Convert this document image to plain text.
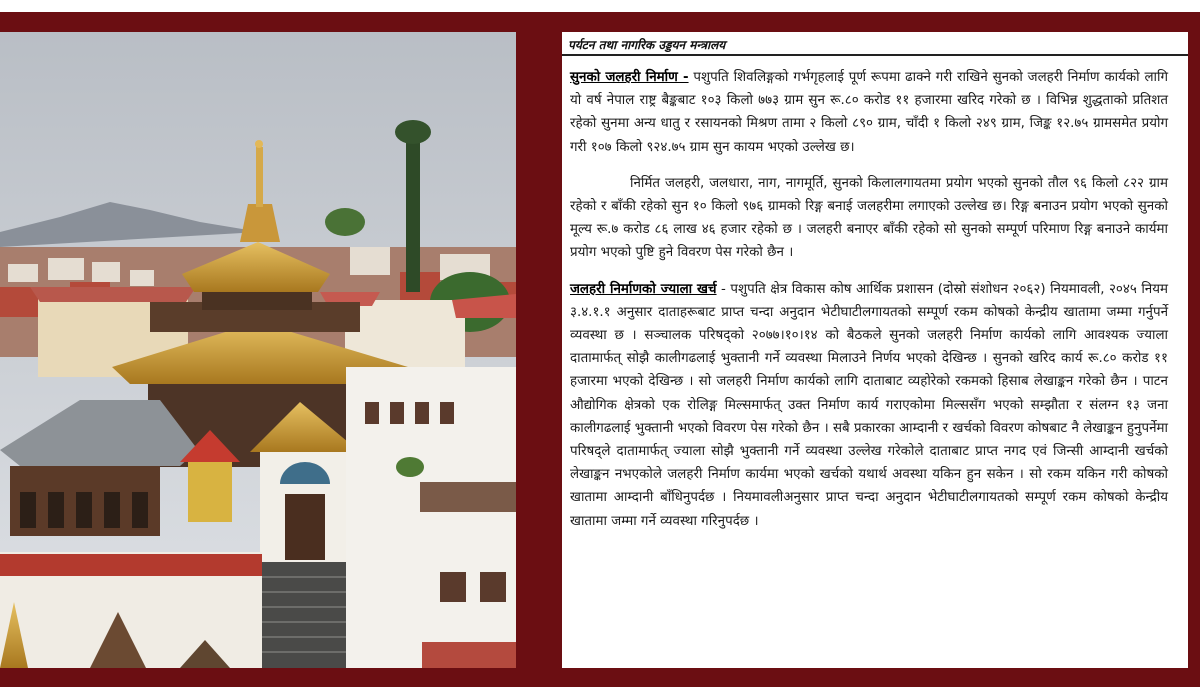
पर्यटन तथा नागरिक उड्डयन मन्त्रालय

सुनको जलहरी निर्माण - पशुपति शिवलिङ्गको गर्भगृहलाई पूर्ण रूपमा ढाक्ने गरी राखिने सुनको जलहरी निर्माण कार्यको लागि यो वर्ष नेपाल राष्ट्र बैङ्कबाट १०३ किलो ७७३ ग्राम सुन रू.८० करोड ११ हजारमा खरिद गरेको छ । विभिन्न शुद्धताको प्रतिशत रहेको सुनमा अन्य धातु र रसायनको मिश्रण तामा २ किलो ८९० ग्राम, चाँदी १ किलो २४९ ग्राम, जिङ्क १२.७५ ग्रामसमेत प्रयोग गरी १०७ किलो ९२४.७५ ग्राम सुन कायम भएको उल्लेख छ।

निर्मित जलहरी, जलधारा, नाग, नागमूर्ति, सुनको किलालगायतमा प्रयोग भएको सुनको तौल ९६ किलो ८२२ ग्राम रहेको र बाँकी रहेको सुन १० किलो ९७६ ग्रामको रिङ्ग बनाई जलहरीमा लगाएको उल्लेख छ। रिङ्ग बनाउन प्रयोग भएको सुनको मूल्य रू.७ करोड ८६ लाख ४६ हजार रहेको छ । जलहरी बनाएर बाँकी रहेको सो सुनको सम्पूर्ण परिमाण रिङ्ग बनाउने कार्यमा प्रयोग भएको पुष्टि हुने विवरण पेस गरेको छैन ।

जलहरी निर्माणको ज्याला खर्च - पशुपति क्षेत्र विकास कोष आर्थिक प्रशासन (दोस्रो संशोधन २०६२) नियमावली, २०४५ नियम ३.४.१.१ अनुसार दाताहरूबाट प्राप्त चन्दा अनुदान भेटीघाटीलगायतको सम्पूर्ण रकम कोषको केन्द्रीय खातामा जम्मा गर्नुपर्ने व्यवस्था छ । सञ्चालक परिषद्को २०७७।१०।१४ को बैठकले सुनको जलहरी निर्माण कार्यको लागि आवश्यक ज्याला दातामार्फत् सोझै कालीगढलाई भुक्तानी गर्ने व्यवस्था मिलाउने निर्णय भएको देखिन्छ । सुनको खरिद कार्य रू.८० करोड ११ हजारमा भएको देखिन्छ । सो जलहरी निर्माण कार्यको लागि दाताबाट व्यहोरेको रकमको हिसाब लेखाङ्कन गरेको छैन । पाटन औद्योगिक क्षेत्रको एक रोलिङ्ग मिल्समार्फत् उक्त निर्माण कार्य गराएकोमा मिल्ससँग भएको सम्झौता र संलग्न १३ जना कालीगढलाई भुक्तानी भएको विवरण पेस गरेको छैन । सबै प्रकारका आम्दानी र खर्चको विवरण कोषबाट नै लेखाङ्कन हुनुपर्नेमा परिषद्ले दातामार्फत् ज्याला सोझै भुक्तानी गर्ने व्यवस्था उल्लेख गरेकोले दाताबाट प्राप्त नगद एवं जिन्सी आम्दानी खर्चको लेखाङ्कन नभएकोले जलहरी निर्माण कार्यमा भएको खर्चको यथार्थ अवस्था यकिन हुन सकेन । सो रकम यकिन गरी कोषको खातामा आम्दानी बाँधिनुपर्दछ । नियमावलीअनुसार प्राप्त चन्दा अनुदान भेटीघाटीलगायतको सम्पूर्ण रकम कोषको केन्द्रीय खातामा जम्मा गर्ने व्यवस्था गरिनुपर्दछ ।
